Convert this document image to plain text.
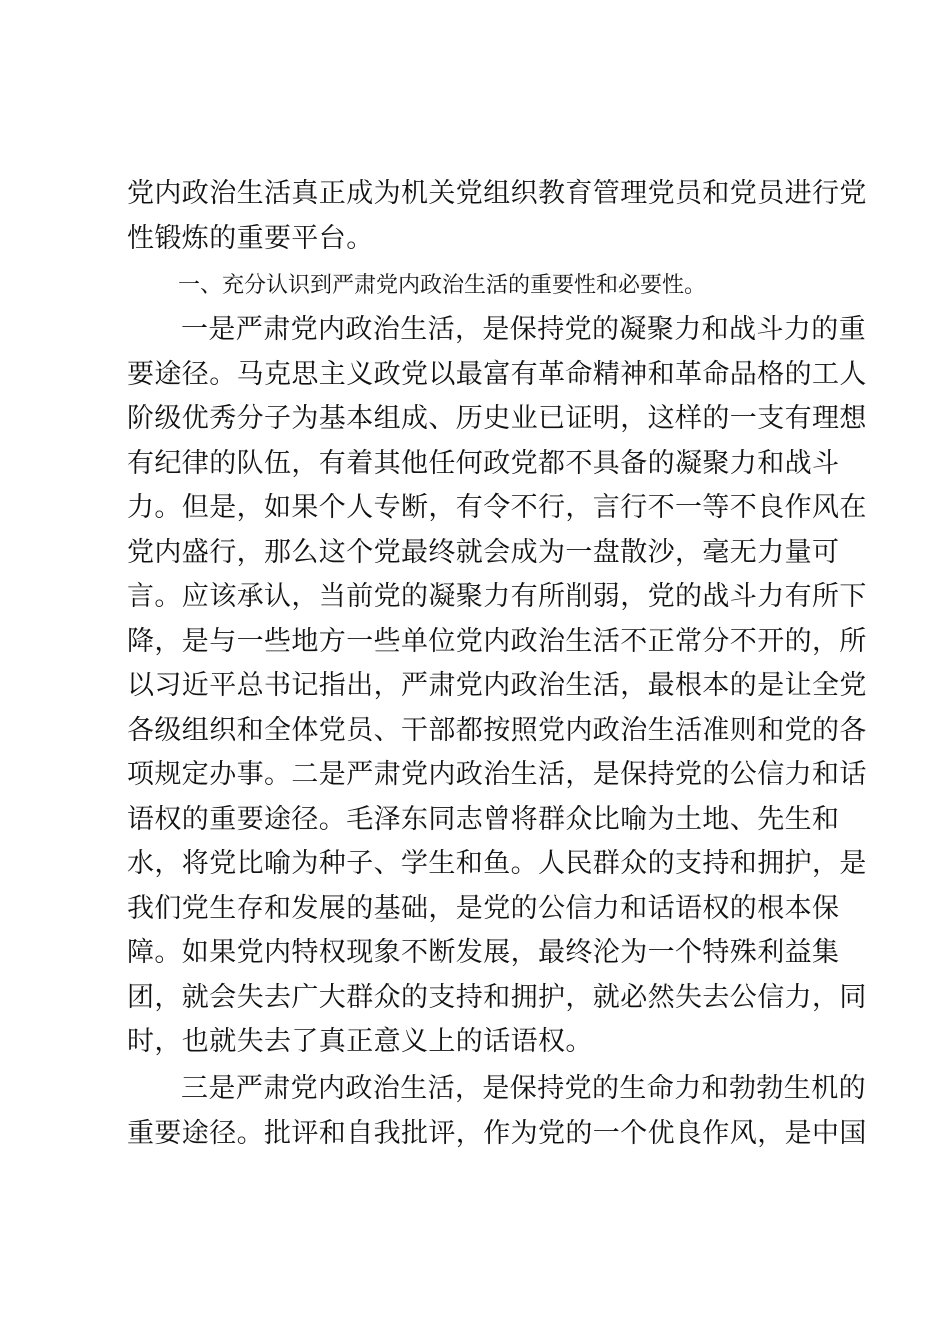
党内政治生活真正成为机关党组织教育管理党员和党员进行党
性锻炼的重要平台。
一、充分认识到严肃党内政治生活的重要性和必要性。
一是严肃党内政治生活，是保持党的凝聚力和战斗力的重
要途径。马克思主义政党以最富有革命精神和革命品格的工人
阶级优秀分子为基本组成、历史业已证明，这样的一支有理想
有纪律的队伍，有着其他任何政党都不具备的凝聚力和战斗
力。但是，如果个人专断，有令不行，言行不一等不良作风在
党内盛行，那么这个党最终就会成为一盘散沙，毫无力量可
言。应该承认，当前党的凝聚力有所削弱，党的战斗力有所下
降，是与一些地方一些单位党内政治生活不正常分不开的，所
以习近平总书记指出，严肃党内政治生活，最根本的是让全党
各级组织和全体党员、干部都按照党内政治生活准则和党的各
项规定办事。二是严肃党内政治生活，是保持党的公信力和话
语权的重要途径。毛泽东同志曾将群众比喻为土地、先生和
水，将党比喻为种子、学生和鱼。人民群众的支持和拥护，是
我们党生存和发展的基础，是党的公信力和话语权的根本保
障。如果党内特权现象不断发展，最终沦为一个特殊利益集
团，就会失去广大群众的支持和拥护，就必然失去公信力，同
时，也就失去了真正意义上的话语权。
三是严肃党内政治生活，是保持党的生命力和勃勃生机的
重要途径。批评和自我批评，作为党的一个优良作风，是中国
